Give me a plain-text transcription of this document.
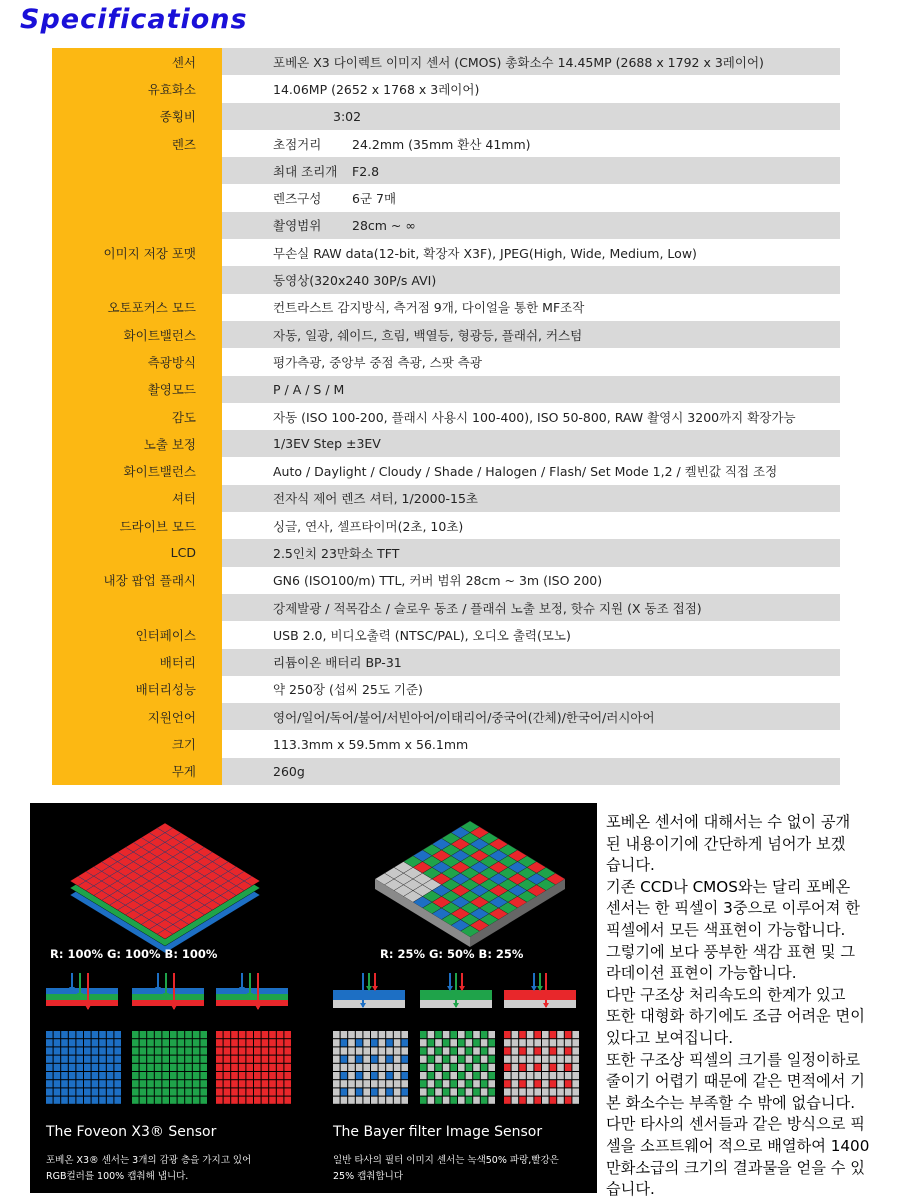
Specifications
센서	포베온 X3 다이렉트 이미지 센서 (CMOS) 총화소수 14.45MP (2688 x 1792 x 3레이어)
유효화소	14.06MP (2652 x 1768 x 3레이어)
종횡비	3:02
렌즈	초점거리 24.2mm (35mm 환산 41mm)
	최대 조리개 F2.8
	렌즈구성 6군 7매
	촬영범위 28cm ~ ∞
이미지 저장 포맷	무손실 RAW data(12-bit, 확장자 X3F), JPEG(High, Wide, Medium, Low)
	동영상(320x240 30P/s AVI)
오토포커스 모드	컨트라스트 감지방식, 측거점 9개, 다이얼을 통한 MF조작
화이트밸런스	자동, 일광, 쉐이드, 흐림, 백열등, 형광등, 플래쉬, 커스텀
측광방식	평가측광, 중앙부 중점 측광, 스팟 측광
촬영모드	P / A / S / M
감도	자동 (ISO 100-200, 플래시 사용시 100-400), ISO 50-800, RAW 촬영시 3200까지 확장가능
노출 보정	1/3EV Step ±3EV
화이트밸런스	Auto / Daylight / Cloudy / Shade / Halogen / Flash/ Set Mode 1,2 / 켈빈값 직접 조정
셔터	전자식 제어 렌즈 셔터, 1/2000-15초
드라이브 모드	싱글, 연사, 셀프타이머(2초, 10초)
LCD	2.5인치 23만화소 TFT
내장 팝업 플래시	GN6 (ISO100/m) TTL, 커버 범위 28cm ~ 3m (ISO 200)
	강제발광 / 적목감소 / 슬로우 동조 / 플래쉬 노출 보정, 핫슈 지원 (X 동조 접점)
인터페이스	USB 2.0, 비디오출력 (NTSC/PAL), 오디오 출력(모노)
배터리	리튬이온 배터리 BP-31
배터리성능	약 250장 (섭씨 25도 기준)
지원언어	영어/일어/독어/불어/서빈아어/이태리어/중국어(간체)/한국어/러시아어
크기	113.3mm x 59.5mm x 56.1mm
무게	260g
R: 100% G: 100% B: 100%	R: 25% G: 50% B: 25%
The Foveon X3® Sensor	The Bayer filter Image Sensor
포베온 X3® 센서는 3개의 감광 층을 가지고 있어
RGB컬러를 100% 캡춰해 냅니다.
일반 타사의 필터 이미지 센서는 녹색50% 파랑,빨강은
25% 캡춰합니다

포베온 센서에 대해서는 수 없이 공개

된 내용이기에 간단하게 넘어가 보겠

습니다.

기존 CCD나 CMOS와는 달리 포베온

센서는 한 픽셀이 3중으로 이루어져 한

픽셀에서 모든 색표현이 가능합니다.

그렇기에 보다 풍부한 색감 표현 및 그

라데이션 표현이 가능합니다.

다만 구조상 처리속도의 한계가 있고

또한 대형화 하기에도 조금 어려운 면이

있다고 보여집니다.

또한 구조상 픽셀의 크기를 일정이하로

줄이기 어렵기 때문에 같은 면적에서 기

본 화소수는 부족할 수 밖에 없습니다.

다만 타사의 센서들과 같은 방식으로 픽

셀을 소프트웨어 적으로 배열하여 1400

만화소급의 크기의 결과물을 얻을 수 있

습니다.
